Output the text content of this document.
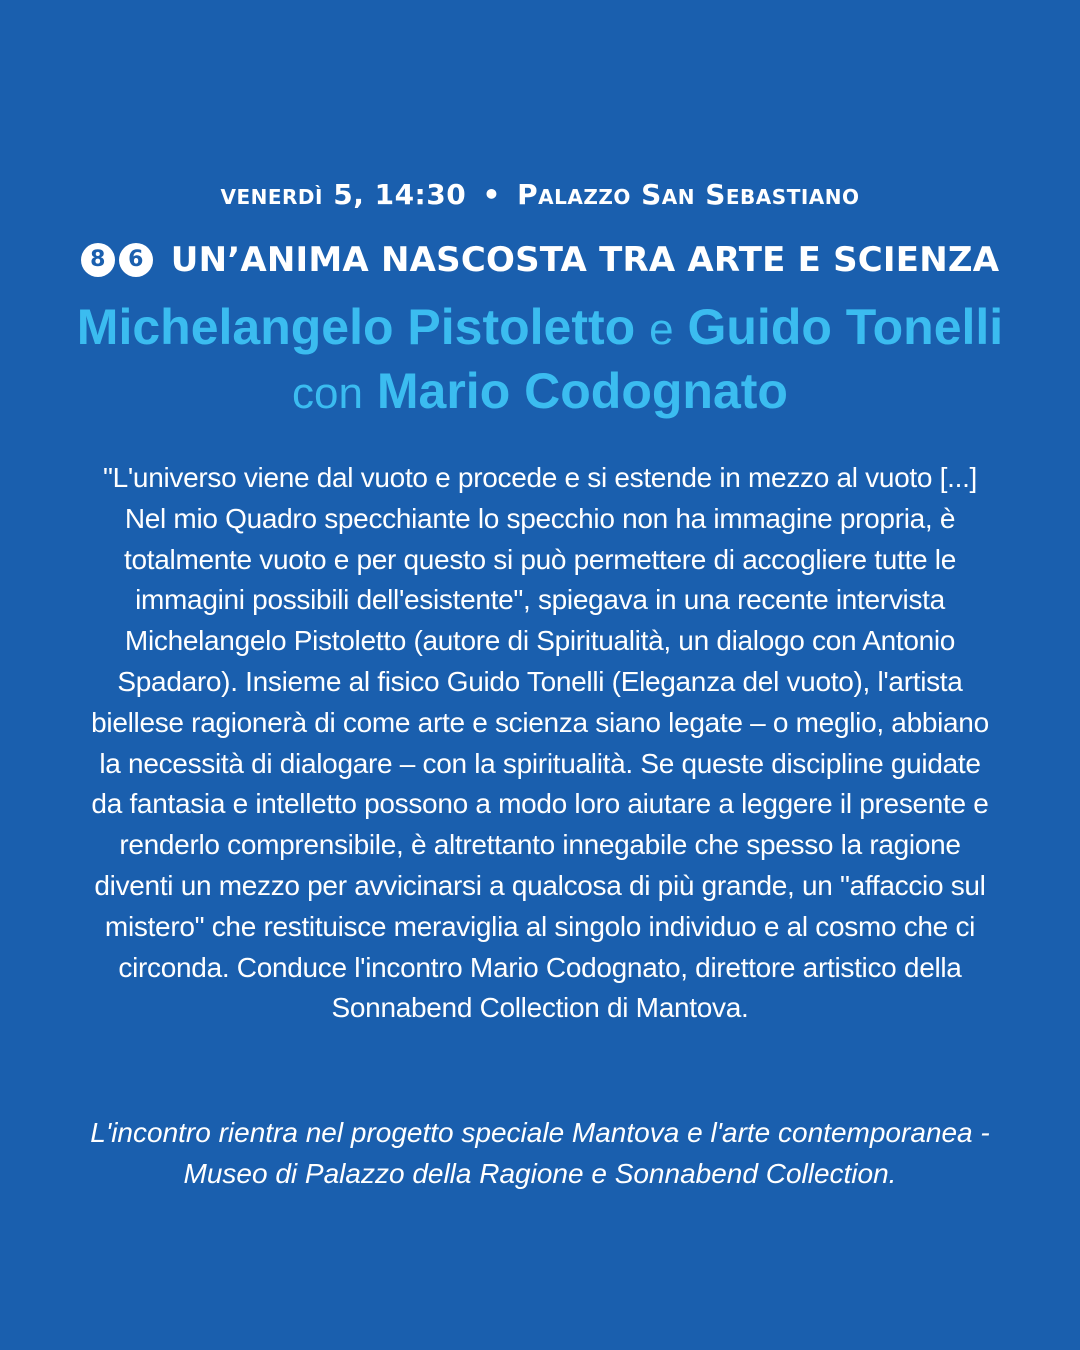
venerdì 5, 14:30 • Palazzo San Sebastiano
8 6 UN’ANIMA NASCOSTA TRA ARTE E SCIENZA
Michelangelo Pistoletto e Guido Tonelli
con Mario Codognato
"L'universo viene dal vuoto e procede e si estende in mezzo al vuoto [...] Nel mio Quadro specchiante lo specchio non ha immagine propria, è totalmente vuoto e per questo si può permettere di accogliere tutte le immagini possibili dell'esistente", spiegava in una recente intervista Michelangelo Pistoletto (autore di Spiritualità, un dialogo con Antonio Spadaro). Insieme al fisico Guido Tonelli (Eleganza del vuoto), l'artista biellese ragionerà di come arte e scienza siano legate – o meglio, abbiano la necessità di dialogare – con la spiritualità. Se queste discipline guidate da fantasia e intelletto possono a modo loro aiutare a leggere il presente e renderlo comprensibile, è altrettanto innegabile che spesso la ragione diventi un mezzo per avvicinarsi a qualcosa di più grande, un "affaccio sul mistero" che restituisce meraviglia al singolo individuo e al cosmo che ci circonda. Conduce l'incontro Mario Codognato, direttore artistico della Sonnabend Collection di Mantova.
L'incontro rientra nel progetto speciale Mantova e l'arte contemporanea - Museo di Palazzo della Ragione e Sonnabend Collection.
